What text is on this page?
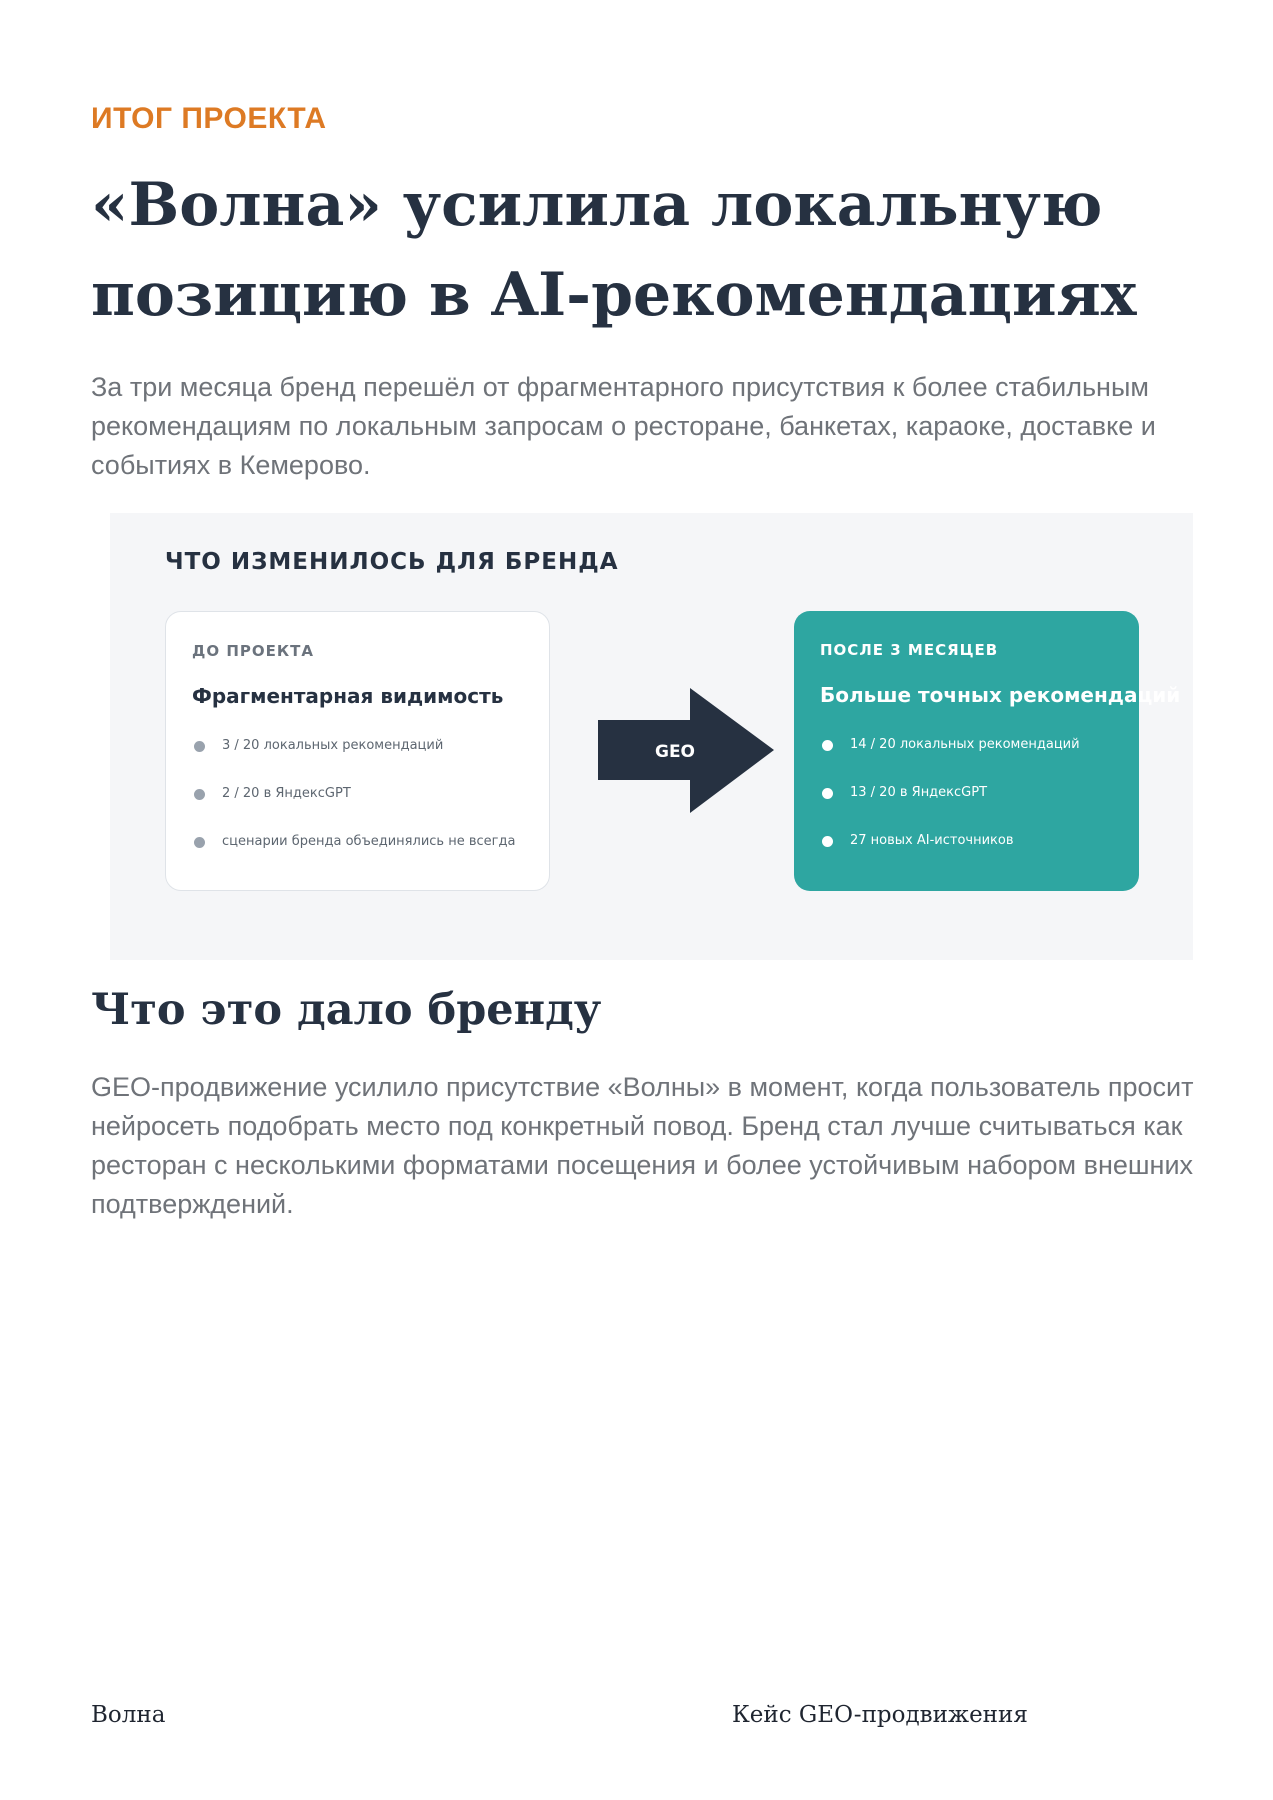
ИТОГ ПРОЕКТА
«Волна» усилила локальную позицию в AI-рекомендациях

За три месяца бренд перешёл от фрагментарного присутствия к более стабильным рекомендациям по локальным запросам о ресторане, банкетах, караоке, доставке и событиях в Кемерово.

ЧТО ИЗМЕНИЛОСЬ ДЛЯ БРЕНДА
ДО ПРОЕКТА
Фрагментарная видимость
3 / 20 локальных рекомендаций
2 / 20 в ЯндексGPT
сценарии бренда объединялись не всегда
GEO
ПОСЛЕ 3 МЕСЯЦЕВ
Больше точных рекомендаций
14 / 20 локальных рекомендаций
13 / 20 в ЯндексGPT
27 новых AI-источников
Что это дало бренду

GEO-продвижение усилило присутствие «Волны» в момент, когда пользователь просит нейросеть подобрать место под конкретный повод. Бренд стал лучше считываться как ресторан с несколькими форматами посещения и более устойчивым набором внешних подтверждений.

Волна	Кейс GEO-продвижения
